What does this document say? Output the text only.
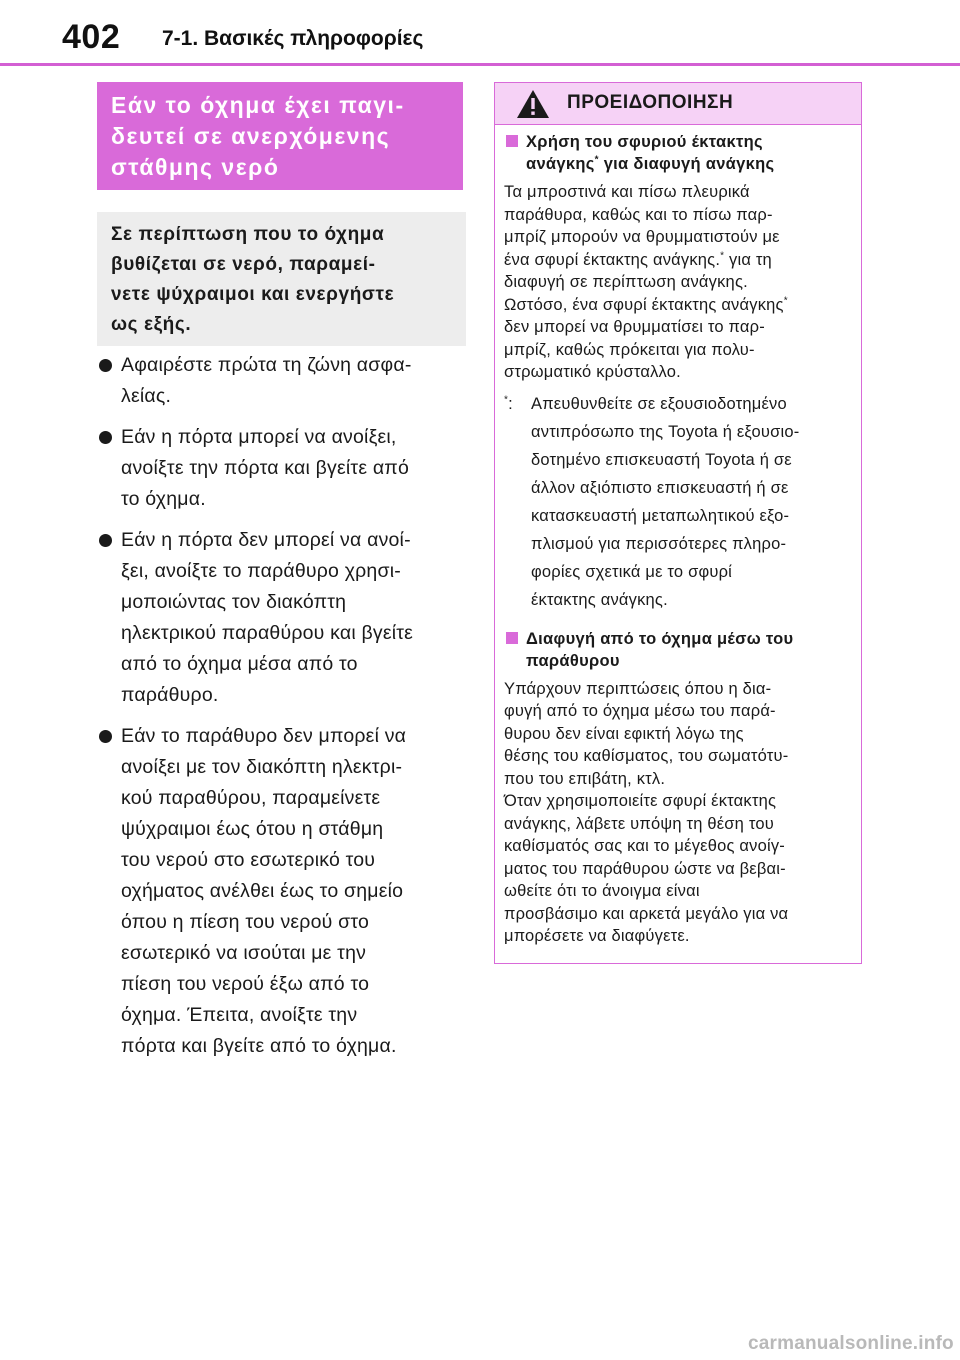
402 7-1. Βασικές πληροφορίες
Εάν το όχημα έχει παγι-
δευτεί σε ανερχόμενης
στάθμης νερό
Σε περίπτωση που το όχημα
βυθίζεται σε νερό, παραμεί-
νετε ψύχραιμοι και ενεργήστε
ως εξής.
Αφαιρέστε πρώτα τη ζώνη ασφα-
λείας.
Εάν η πόρτα μπορεί να ανοίξει,
ανοίξτε την πόρτα και βγείτε από
το όχημα.
Εάν η πόρτα δεν μπορεί να ανοί-
ξει, ανοίξτε το παράθυρο χρησι-
μοποιώντας τον διακόπτη
ηλεκτρικού παραθύρου και βγείτε
από το όχημα μέσα από το
παράθυρο.
Εάν το παράθυρο δεν μπορεί να
ανοίξει με τον διακόπτη ηλεκτρι-
κού παραθύρου, παραμείνετε
ψύχραιμοι έως ότου η στάθμη
του νερού στο εσωτερικό του
οχήματος ανέλθει έως το σημείο
όπου η πίεση του νερού στο
εσωτερικό να ισούται με την
πίεση του νερού έξω από το
όχημα. Έπειτα, ανοίξτε την
πόρτα και βγείτε από το όχημα.
ΠΡΟΕΙΔΟΠΟΙΗΣΗ
Χρήση του σφυριού έκτακτης
ανάγκης* για διαφυγή ανάγκης
Τα μπροστινά και πίσω πλευρικά
παράθυρα, καθώς και το πίσω παρ-
μπρίζ μπορούν να θρυμματιστούν με
ένα σφυρί έκτακτης ανάγκης.* για τη
διαφυγή σε περίπτωση ανάγκης.
Ωστόσο, ένα σφυρί έκτακτης ανάγκης*
δεν μπορεί να θρυμματίσει το παρ-
μπρίζ, καθώς πρόκειται για πολυ-
στρωματικό κρύσταλλο.
*: Απευθυνθείτε σε εξουσιοδοτημένο
αντιπρόσωπο της Toyota ή εξουσιο-
δοτημένο επισκευαστή Toyota ή σε
άλλον αξιόπιστο επισκευαστή ή σε
κατασκευαστή μεταπωλητικού εξο-
πλισμού για περισσότερες πληρο-
φορίες σχετικά με το σφυρί
έκτακτης ανάγκης.
Διαφυγή από το όχημα μέσω του
παράθυρου
Υπάρχουν περιπτώσεις όπου η δια-
φυγή από το όχημα μέσω του παρά-
θυρου δεν είναι εφικτή λόγω της
θέσης του καθίσματος, του σωματότυ-
που του επιβάτη, κτλ.
Όταν χρησιμοποιείτε σφυρί έκτακτης
ανάγκης, λάβετε υπόψη τη θέση του
καθίσματός σας και το μέγεθος ανοίγ-
ματος του παράθυρου ώστε να βεβαι-
ωθείτε ότι το άνοιγμα είναι
προσβάσιμο και αρκετά μεγάλο για να
μπορέσετε να διαφύγετε.
carmanualsonline.info
